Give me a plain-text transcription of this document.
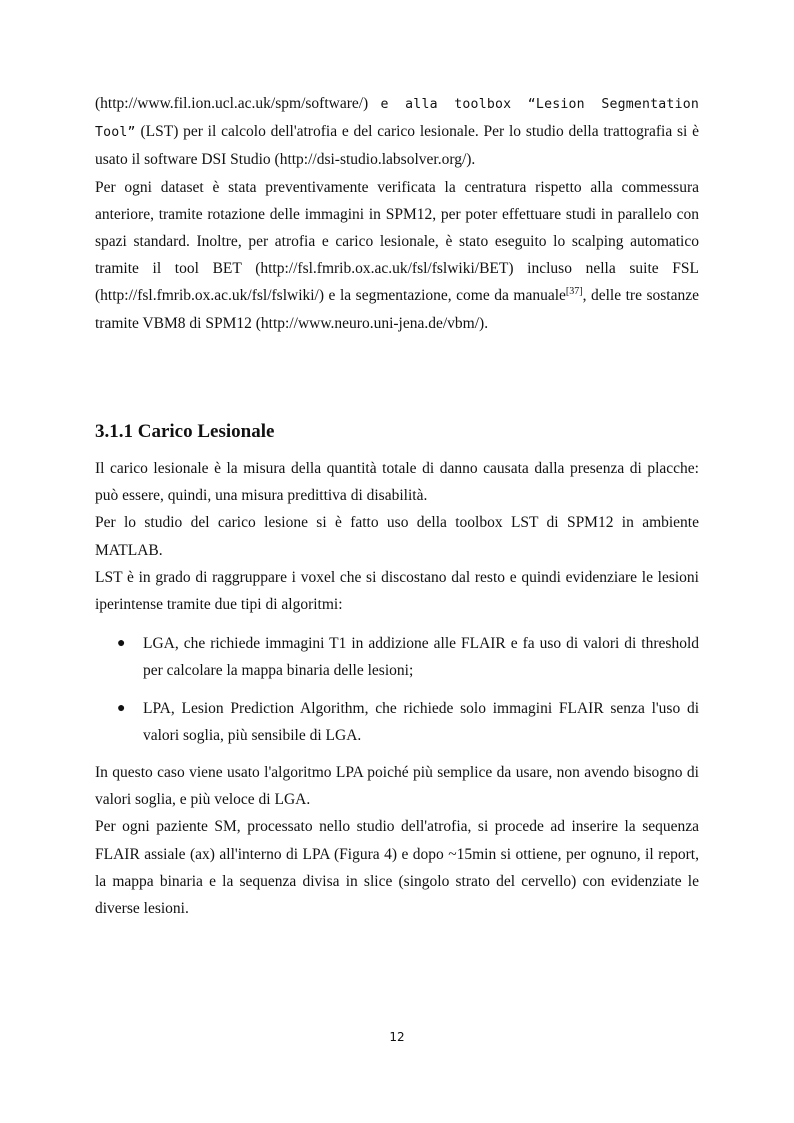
(http://www.fil.ion.ucl.ac.uk/spm/software/) e alla toolbox “Lesion Segmentation Tool” (LST) per il calcolo dell'atrofia e del carico lesionale. Per lo studio della trattografia si è usato il software DSI Studio (http://dsi-studio.labsolver.org/).

Per ogni dataset è stata preventivamente verificata la centratura rispetto alla commessura anteriore, tramite rotazione delle immagini in SPM12, per poter effettuare studi in parallelo con spazi standard. Inoltre, per atrofia e carico lesionale, è stato eseguito lo scalping automatico tramite il tool BET (http://fsl.fmrib.ox.ac.uk/fsl/fslwiki/BET) incluso nella suite FSL (http://fsl.fmrib.ox.ac.uk/fsl/fslwiki/) e la segmentazione, come da manuale[37], delle tre sostanze tramite VBM8 di SPM12 (http://www.neuro.uni-jena.de/vbm/).

3.1.1 Carico Lesionale

Il carico lesionale è la misura della quantità totale di danno causata dalla presenza di placche: può essere, quindi, una misura predittiva di disabilità.

Per lo studio del carico lesione si è fatto uso della toolbox LST di SPM12 in ambiente MATLAB.

LST è in grado di raggruppare i voxel che si discostano dal resto e quindi evidenziare le lesioni iperintense tramite due tipi di algoritmi:

● LGA, che richiede immagini T1 in addizione alle FLAIR e fa uso di valori di threshold per calcolare la mappa binaria delle lesioni;
● LPA, Lesion Prediction Algorithm, che richiede solo immagini FLAIR senza l'uso di valori soglia, più sensibile di LGA.

In questo caso viene usato l'algoritmo LPA poiché più semplice da usare, non avendo bisogno di valori soglia, e più veloce di LGA.

Per ogni paziente SM, processato nello studio dell'atrofia, si procede ad inserire la sequenza FLAIR assiale (ax) all'interno di LPA (Figura 4) e dopo ~15min si ottiene, per ognuno, il report, la mappa binaria e la sequenza divisa in slice (singolo strato del cervello) con evidenziate le diverse lesioni.

12
